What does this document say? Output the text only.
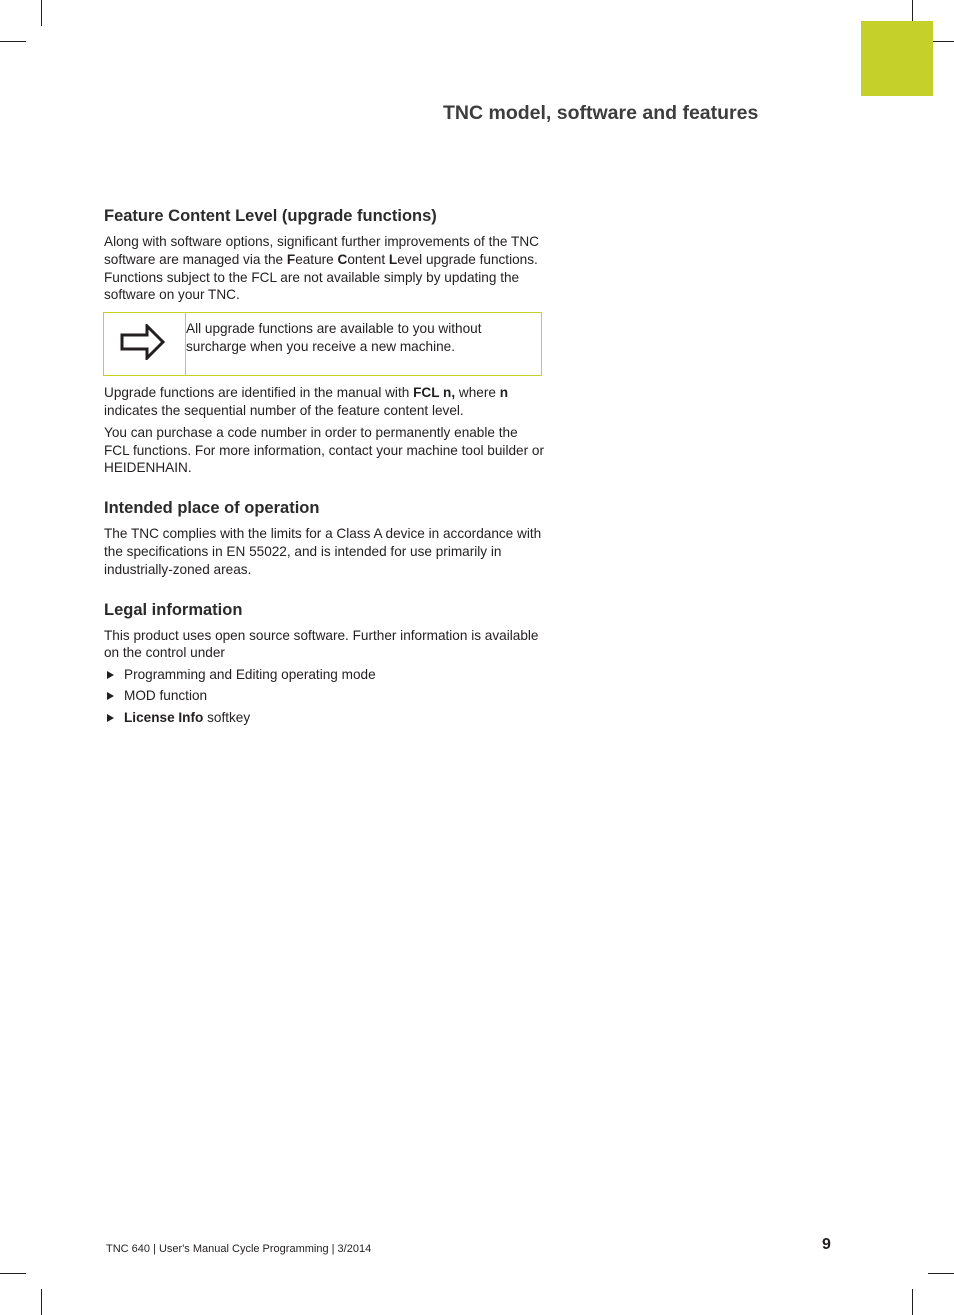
TNC model, software and features
Feature Content Level (upgrade functions)

Along with software options, significant further improvements of the TNC software are managed via the Feature Content Level upgrade functions. Functions subject to the FCL are not available simply by updating the software on your TNC.

All upgrade functions are available to you without surcharge when you receive a new machine.

Upgrade functions are identified in the manual with FCL n, where n indicates the sequential number of the feature content level.

You can purchase a code number in order to permanently enable the FCL functions. For more information, contact your machine tool builder or HEIDENHAIN.

Intended place of operation

The TNC complies with the limits for a Class A device in accordance with the specifications in EN 55022, and is intended for use primarily in industrially-zoned areas.

Legal information

This product uses open source software. Further information is available on the control under

Programming and Editing operating mode
MOD function
License Info softkey
TNC 640 | User's Manual Cycle Programming | 3/2014	9
